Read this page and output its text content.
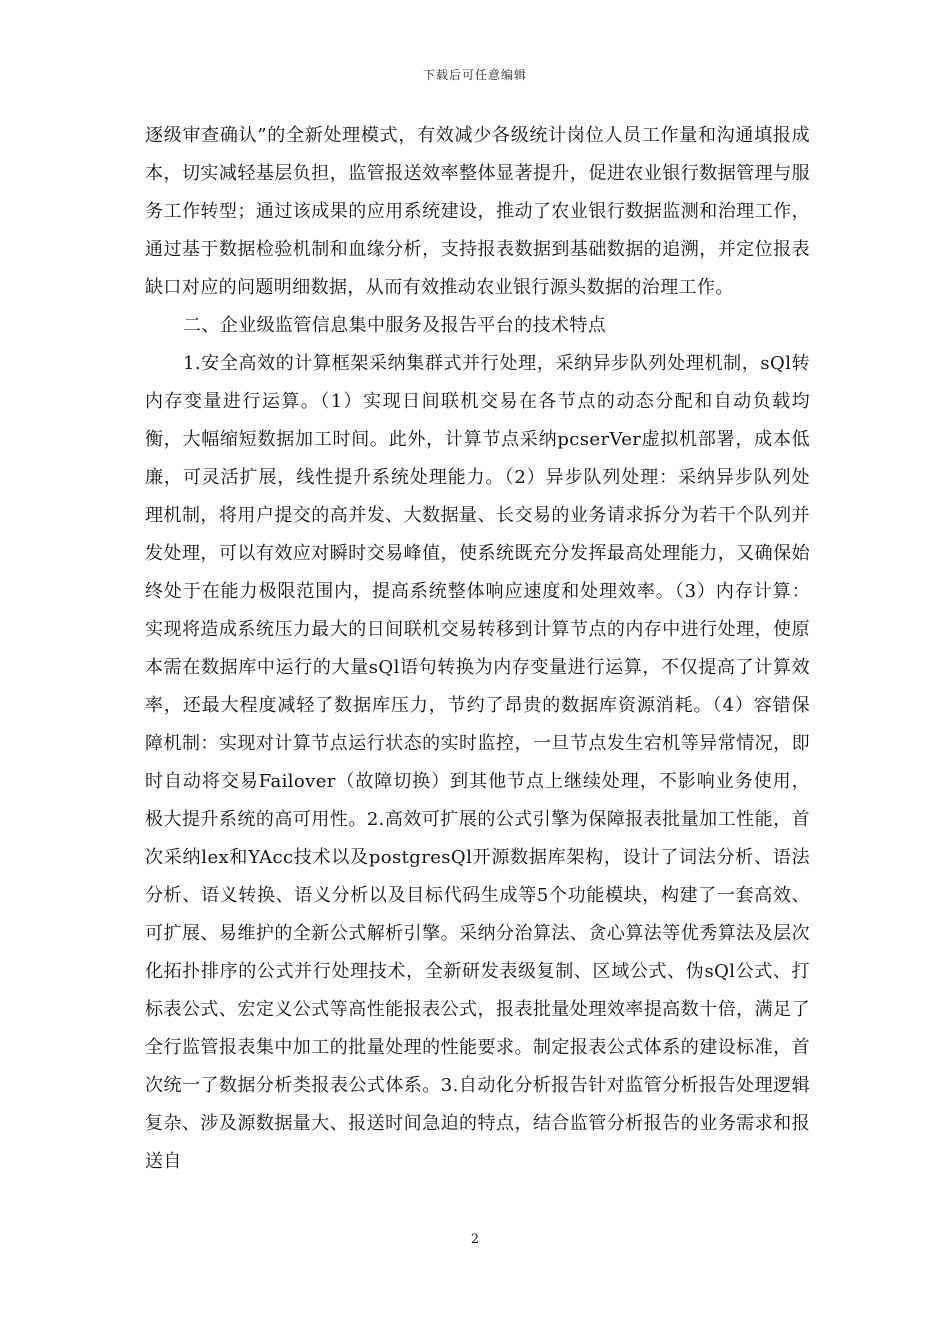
下载后可任意编辑

逐级审查确认”的全新处理模式，有效减少各级统计岗位人员工作量和沟通填报成本，切实减轻基层负担，监管报送效率整体显著提升，促进农业银行数据管理与服务工作转型；通过该成果的应用系统建设，推动了农业银行数据监测和治理工作，通过基于数据检验机制和血缘分析，支持报表数据到基础数据的追溯，并定位报表缺口对应的问题明细数据，从而有效推动农业银行源头数据的治理工作。

二、企业级监管信息集中服务及报告平台的技术特点

1.安全高效的计算框架采纳集群式并行处理，采纳异步队列处理机制，sQl转内存变量进行运算。（1）实现日间联机交易在各节点的动态分配和自动负载均衡，大幅缩短数据加工时间。此外，计算节点采纳pcserVer虚拟机部署，成本低廉，可灵活扩展，线性提升系统处理能力。（2）异步队列处理：采纳异步队列处理机制，将用户提交的高并发、大数据量、长交易的业务请求拆分为若干个队列并发处理，可以有效应对瞬时交易峰值，使系统既充分发挥最高处理能力，又确保始终处于在能力极限范围内，提高系统整体响应速度和处理效率。（3）内存计算：实现将造成系统压力最大的日间联机交易转移到计算节点的内存中进行处理，使原本需在数据库中运行的大量sQl语句转换为内存变量进行运算，不仅提高了计算效率，还最大程度减轻了数据库压力，节约了昂贵的数据库资源消耗。（4）容错保障机制：实现对计算节点运行状态的实时监控，一旦节点发生宕机等异常情况，即时自动将交易Failover（故障切换）到其他节点上继续处理，不影响业务使用，极大提升系统的高可用性。2.高效可扩展的公式引擎为保障报表批量加工性能，首次采纳lex和YAcc技术以及postgresQl开源数据库架构，设计了词法分析、语法分析、语义转换、语义分析以及目标代码生成等5个功能模块，构建了一套高效、可扩展、易维护的全新公式解析引擎。采纳分治算法、贪心算法等优秀算法及层次化拓扑排序的公式并行处理技术，全新研发表级复制、区域公式、伪sQl公式、打标表公式、宏定义公式等高性能报表公式，报表批量处理效率提高数十倍，满足了全行监管报表集中加工的批量处理的性能要求。制定报表公式体系的建设标准，首次统一了数据分析类报表公式体系。3.自动化分析报告针对监管分析报告处理逻辑复杂、涉及源数据量大、报送时间急迫的特点，结合监管分析报告的业务需求和报送自

2
